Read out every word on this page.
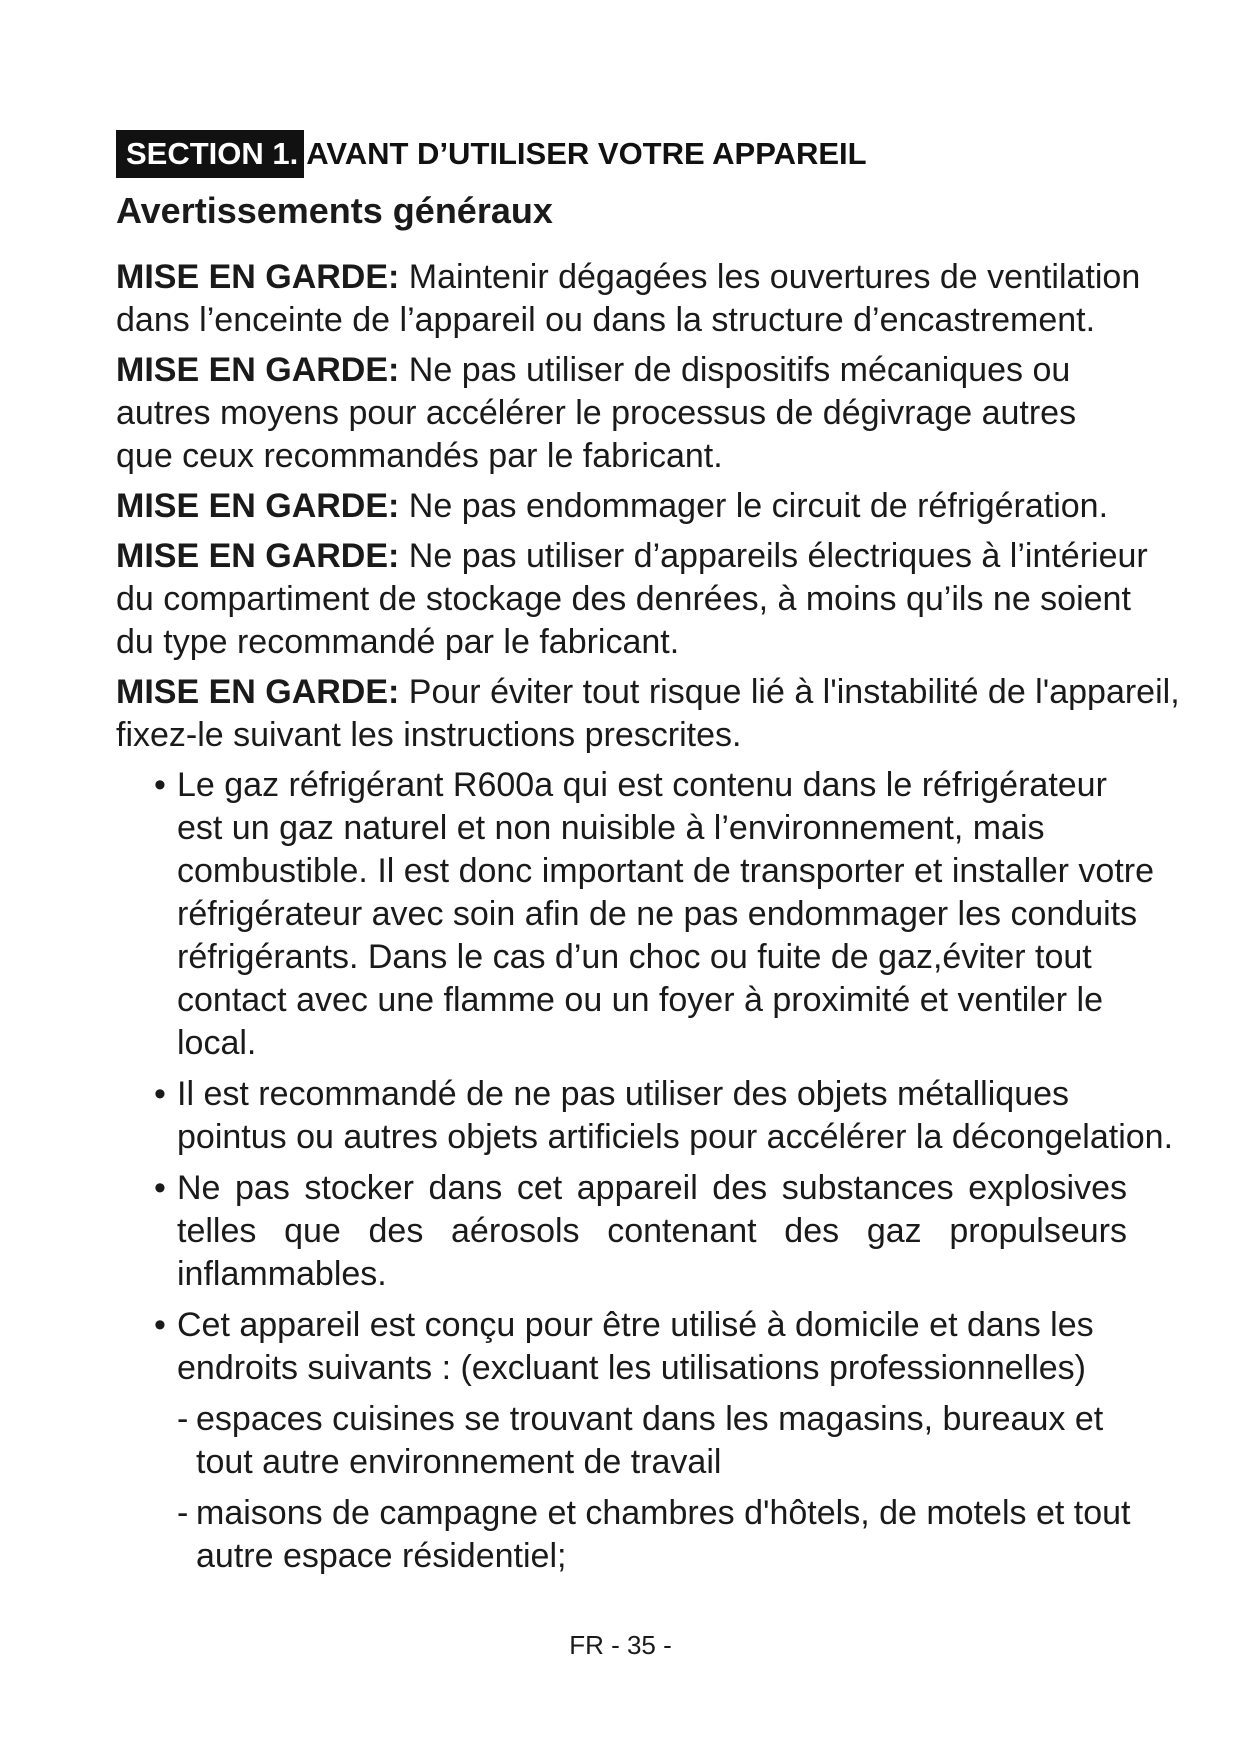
SECTION 1. AVANT D’UTILISER VOTRE APPAREIL
Avertissements généraux

MISE EN GARDE: Maintenir dégagées les ouvertures de ventilation
dans l’enceinte de l’appareil ou dans la structure d’encastrement.

MISE EN GARDE: Ne pas utiliser de dispositifs mécaniques ou
autres moyens pour accélérer le processus de dégivrage autres
que ceux recommandés par le fabricant.

MISE EN GARDE: Ne pas endommager le circuit de réfrigération.

MISE EN GARDE: Ne pas utiliser d’appareils électriques à l’intérieur
du compartiment de stockage des denrées, à moins qu’ils ne soient
du type recommandé par le fabricant.

MISE EN GARDE: Pour éviter tout risque lié à l'instabilité de l'appareil,
fixez-le suivant les instructions prescrites.

• Le gaz réfrigérant R600a qui est contenu dans le réfrigérateur
est un gaz naturel et non nuisible à l’environnement, mais
combustible. Il est donc important de transporter et installer votre
réfrigérateur avec soin afin de ne pas endommager les conduits
réfrigérants. Dans le cas d’un choc ou fuite de gaz,éviter tout
contact avec une flamme ou un foyer à proximité et ventiler le
local.
• Il est recommandé de ne pas utiliser des objets métalliques
pointus ou autres objets artificiels pour accélérer la décongelation.
• Ne pas stocker dans cet appareil des substances explosives
telles que des aérosols contenant des gaz propulseurs
inflammables.
• Cet appareil est conçu pour être utilisé à domicile et dans les
endroits suivants : (excluant les utilisations professionnelles)
- espaces cuisines se trouvant dans les magasins, bureaux et
tout autre environnement de travail
- maisons de campagne et chambres d'hôtels, de motels et tout
autre espace résidentiel;
FR - 35 -
